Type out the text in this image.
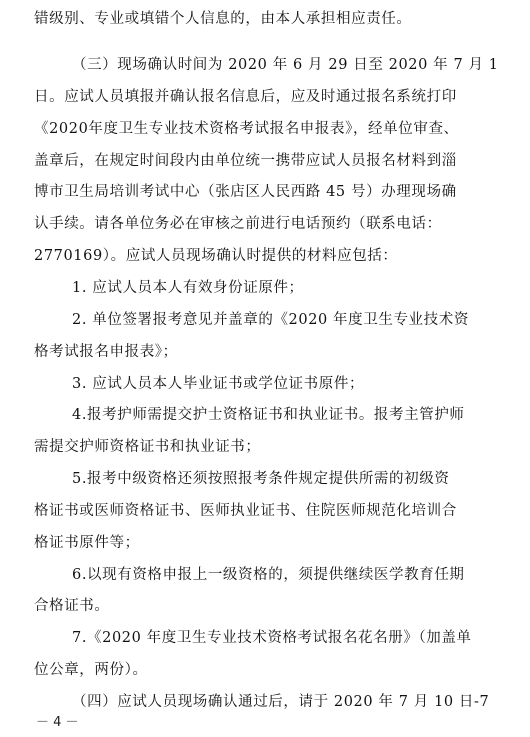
错级别、专业或填错个人信息的，由本人承担相应责任。
（三）现场确认时间为 2020 年 6 月 29 日至 2020 年 7 月 1
日。应试人员填报并确认报名信息后，应及时通过报名系统打印
《2020年度卫生专业技术资格考试报名申报表》，经单位审查、
盖章后，在规定时间段内由单位统一携带应试人员报名材料到淄
博市卫生局培训考试中心（张店区人民西路 45 号）办理现场确
认手续。请各单位务必在审核之前进行电话预约（联系电话：
2770169）。应试人员现场确认时提供的材料应包括：
1. 应试人员本人有效身份证原件；
2. 单位签署报考意见并盖章的《2020 年度卫生专业技术资
格考试报名申报表》；
3. 应试人员本人毕业证书或学位证书原件；
4.报考护师需提交护士资格证书和执业证书。报考主管护师
需提交护师资格证书和执业证书；
5.报考中级资格还须按照报考条件规定提供所需的初级资
格证书或医师资格证书、医师执业证书、住院医师规范化培训合
格证书原件等；
6.以现有资格申报上一级资格的，须提供继续医学教育任期
合格证书。
7.《2020 年度卫生专业技术资格考试报名花名册》（加盖单
位公章，两份）。
（四）应试人员现场确认通过后，请于 2020 年 7 月 10 日-7
－ 4 －
